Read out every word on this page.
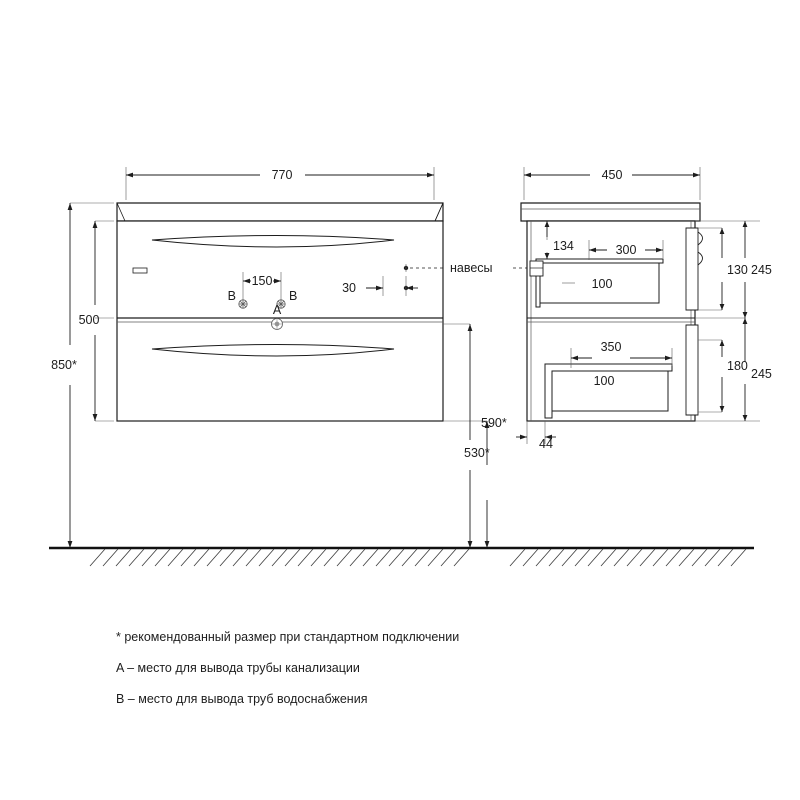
770
850*
500
590*
530*
150	30
A
B	B
навесы
450
134	300
100
350
100
130 245
180
245
44
* рекомендованный размер при стандартном подключении
A – место для вывода трубы канализации
B – место для вывода труб водоснабжения
